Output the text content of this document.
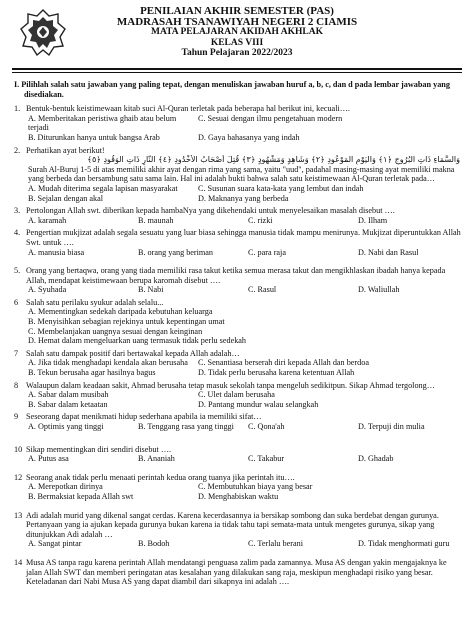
PENILAIAN AKHIR SEMESTER (PAS)
MADRASAH TSANAWIYAH NEGERI 2 CIAMIS
MATA PELAJARAN AKIDAH AKHLAK
KELAS VIII
Tahun Pelajaran 2022/2023
I. Pilihlah salah satu jawaban yang paling tepat, dengan menuliskan jawaban huruf a, b, c, dan d pada lembar jawaban yang disediakan.
1. Bentuk-bentuk keistimewaan kitab suci Al-Quran terletak pada beberapa hal berikut ini, kecuali….
A. Memberitakan peristiwa ghaib atau belum terjadi
C. Sesuai dengan ilmu pengetahuan modern
B. Diturunkan hanya untuk bangsa Arab	D. Gaya bahasanya yang indah
2. Perhatikan ayat berikut!
وَالسَّمَاءِ ذَاتِ الْبُرُوجِ ﴿١﴾ وَالْيَوْمِ الْمَوْعُودِ ﴿٢﴾ وَشَاهِدٍ وَمَشْهُودٍ ﴿٣﴾ قُتِلَ أَصْحَابُ الْأُخْدُودِ ﴿٤﴾ النَّارِ ذَاتِ الْوَقُودِ ﴿٥﴾
Surah Al-Buruj 1-5 di atas memiliki akhir ayat dengan rima yang sama, yaitu "uud", padahal masing-masing ayat memiliki makna yang berbeda dan bersambung satu sama lain. Hal ini adalah bukti bahwa salah satu keistimewaan Al-Quran terletak pada…
A. Mudah diterima segala lapisan masyarakat	C. Susunan suara kata-kata yang lembut dan indah
B. Sejalan dengan akal	D. Maknanya yang berbeda
3. Pertolongan Allah swt. diberikan kepada hambaNya yang dikehendaki untuk menyelesaikan masalah disebut ….
A. karamah	B. maunah	C. rizki	D. Ilham
4. Pengertian mukjizat adalah segala sesuatu yang luar biasa sehingga manusia tidak mampu menirunya. Mukjizat diperuntukkan Allah Swt. untuk ….
A. manusia biasa	B. orang yang beriman	C. para raja	D. Nabi dan Rasul
5. Orang yang bertaqwa, orang yang tiada memiliki rasa takut ketika semua merasa takut dan mengikhlaskan ibadah hanya kepada Allah, mendapat keistimewaan berupa karomah disebut ….
A. Syuhada	B. Nabi	C. Rasul	D. Waliullah
6 Salah satu perilaku syukur adalah selalu...
A. Mementingkan sedekah daripada kebutuhan keluarga
B. Menyisihkan sebagian rejekinya untuk kepentingan umat
C. Membelanjakan uangnya sesuai dengan keinginan
D. Hemat dalam mengeluarkan uang termasuk tidak perlu sedekah
7 Salah satu dampak positif dari bertawakal kepada Allah adalah…
A. Jika tidak menghadapi kendala akan berusaha	C. Senantiasa berserah diri kepada Allah dan berdoa
B. Tekun berusaha agar hasilnya bagus	D. Tidak perlu berusaha karena ketentuan Allah
8 Walaupun dalam keadaan sakit, Ahmad berusaha tetap masuk sekolah tanpa mengeluh sedikitpun. Sikap Ahmad tergolong…
A. Sabar dalam musibah	C. Ulet dalam berusaha
B. Sabar dalam ketaatan	D. Pantang mundur walau selangkah
9 Seseorang dapat menikmati hidup sederhana apabila ia memiliki sifat…
A. Optimis yang tinggi	B. Tenggang rasa yang tinggi	C. Qona'ah	D. Terpuji din mulia
10 Sikap mementingkan diri sendiri disebut ….
A. Putus asa	B. Ananiah	C. Takabur	D. Ghadab
12 Seorang anak tidak perlu menaati perintah kedua orang tuanya jika perintah itu….
A. Merepotkan dirinya	C. Membutuhkan biaya yang besar
B. Bermaksiat kepada Allah swt	D. Menghabiskan waktu
13 Adi adalah murid yang dikenal sangat cerdas. Karena kecerdasannya ia bersikap sombong dan suka berdebat dengan gurunya. Pertanyaan yang ia ajukan kepada gurunya bukan karena ia tidak tahu tapi semata-mata untuk mengetes gurunya, sikap yang ditunjukkan Adi adalah …
A. Sangat pintar	B. Bodoh	C. Terlalu berani	D. Tidak menghormati guru
14 Musa AS tanpa ragu karena perintah Allah mendatangi penguasa zalim pada zamannya. Musa AS dengan yakin mengajaknya ke jalan Allah SWT dan memberi peringatan atas kesalahan yang dilakukan sang raja, meskipun menghadapi risiko yang besar. Keteladanan dari Nabi Musa AS yang dapat diambil dari sikapnya ini adalah ….
